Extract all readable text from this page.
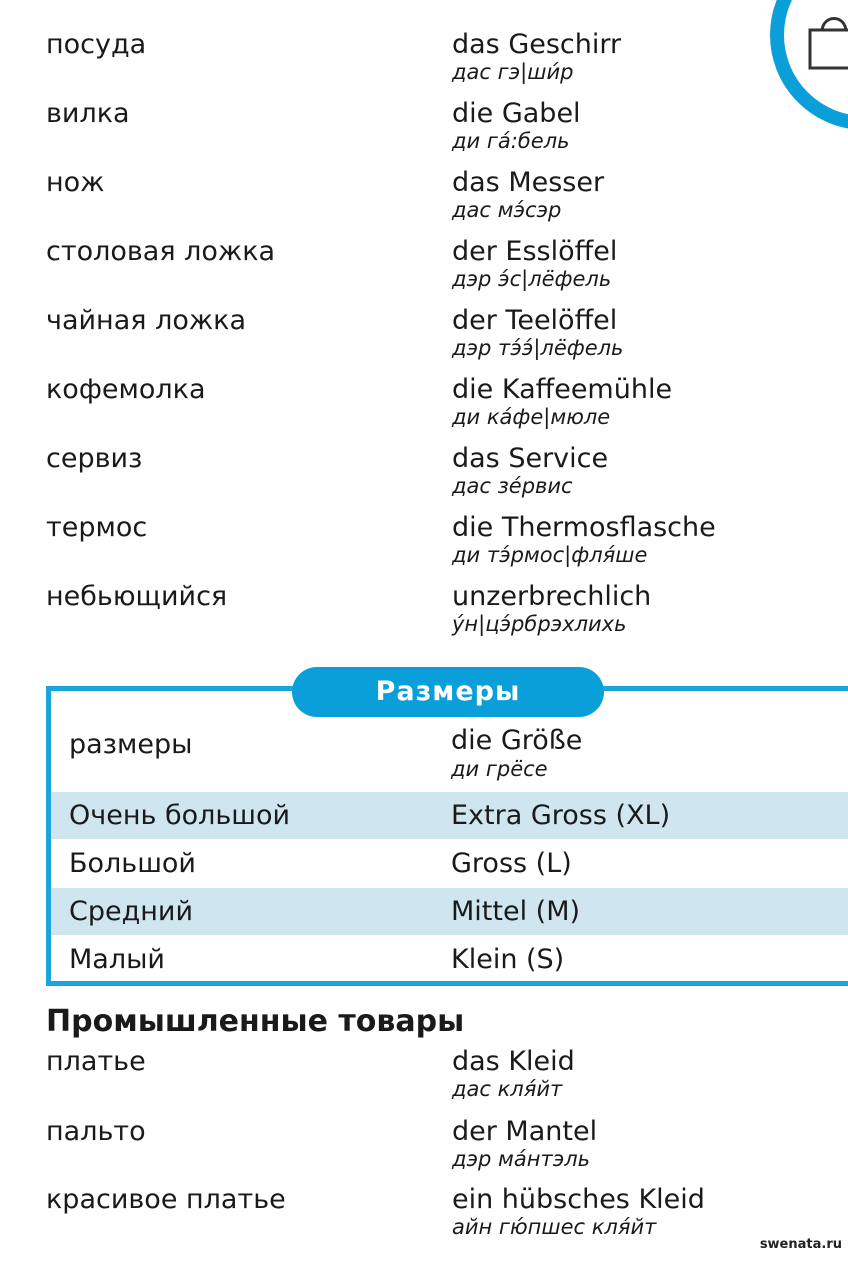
посуда	das Geschirr
дас гэ|ши́р
вилка	die Gabel
ди га́:бель
нож	das Messer
дас мэ́сэр
столовая ложка	der Esslöffel
дэр э́с|лёфель
чайная ложка	der Teelöffel
дэр тэ́э́|лёфель
кофемолка	die Kaffeemühle
ди ка́фе|мюле
сервиз	das Service
дас зе́рвис
термос	die Thermosflasche
ди тэ́рмос|фля́ше
небьющийся	unzerbrechlich
у́н|цэ́рбрэхлихь
размеры	die Größe
ди грёсе
Очень большой	Extra Gross (XL)
Большой	Gross (L)
Средний	Mittel (M)
Малый	Klein (S)
Размеры
Промышленные товары
платье	das Kleid
дас кля́йт
пальто	der Mantel
дэр ма́нтэль
красивое платье	ein hübsches Kleid
айн гю́пшес кля́йт
swenata.ru
